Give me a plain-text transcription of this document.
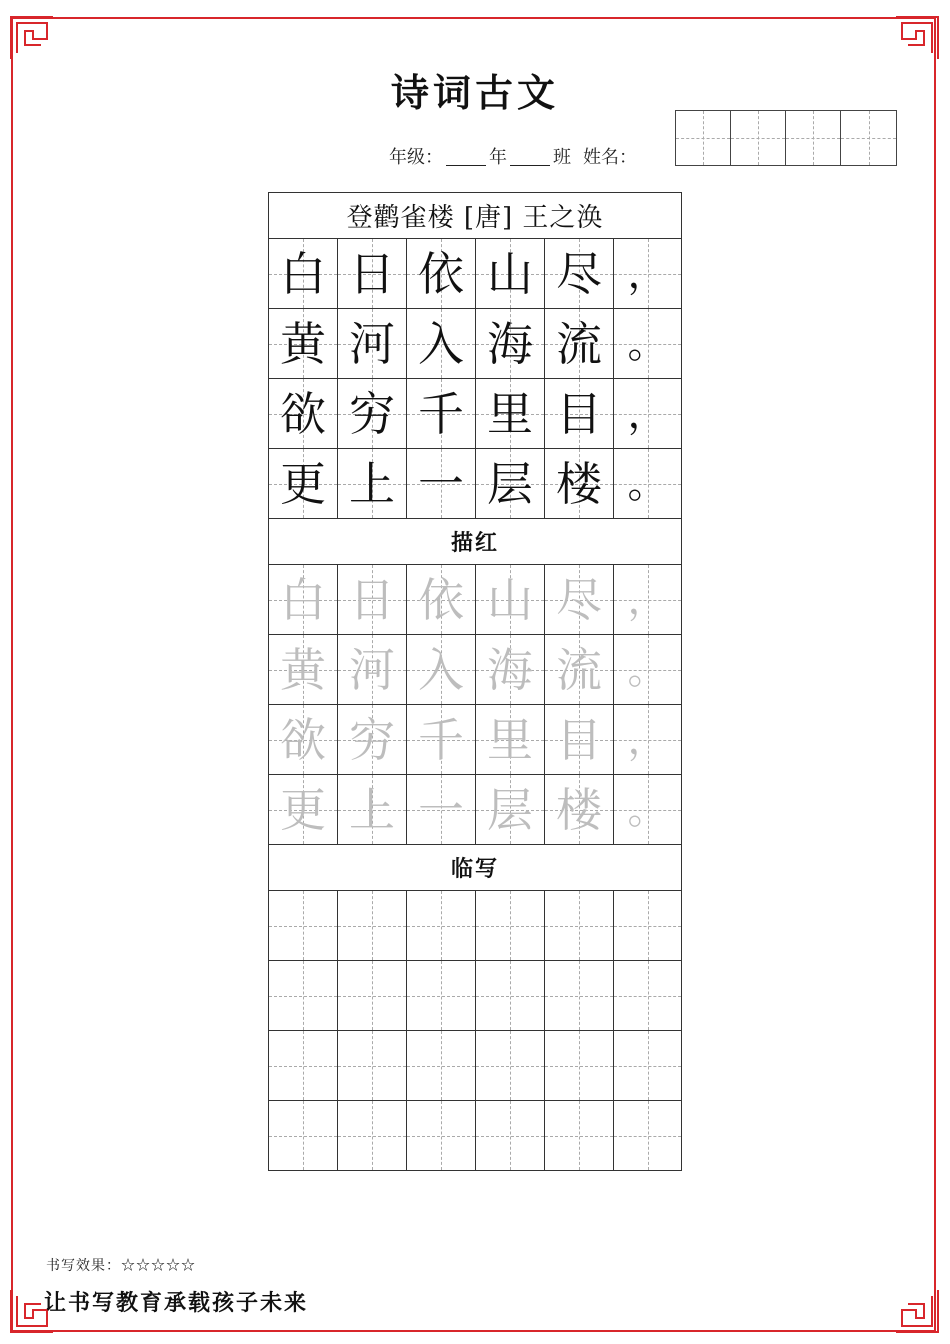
诗词古文
年级：	年	班 姓名：
登鹳雀楼 [唐] 王之涣
白 日 依 山 尽 ，
黄 河 入 海 流 。
欲 穷 千 里 目 ，
更 上 一 层 楼 。
描红
白 日 依 山 尽 ，
黄 河 入 海 流 。
欲 穷 千 里 目 ，
更 上 一 层 楼 。
临写
书写效果：☆☆☆☆☆
让书写教育承载孩子未来
